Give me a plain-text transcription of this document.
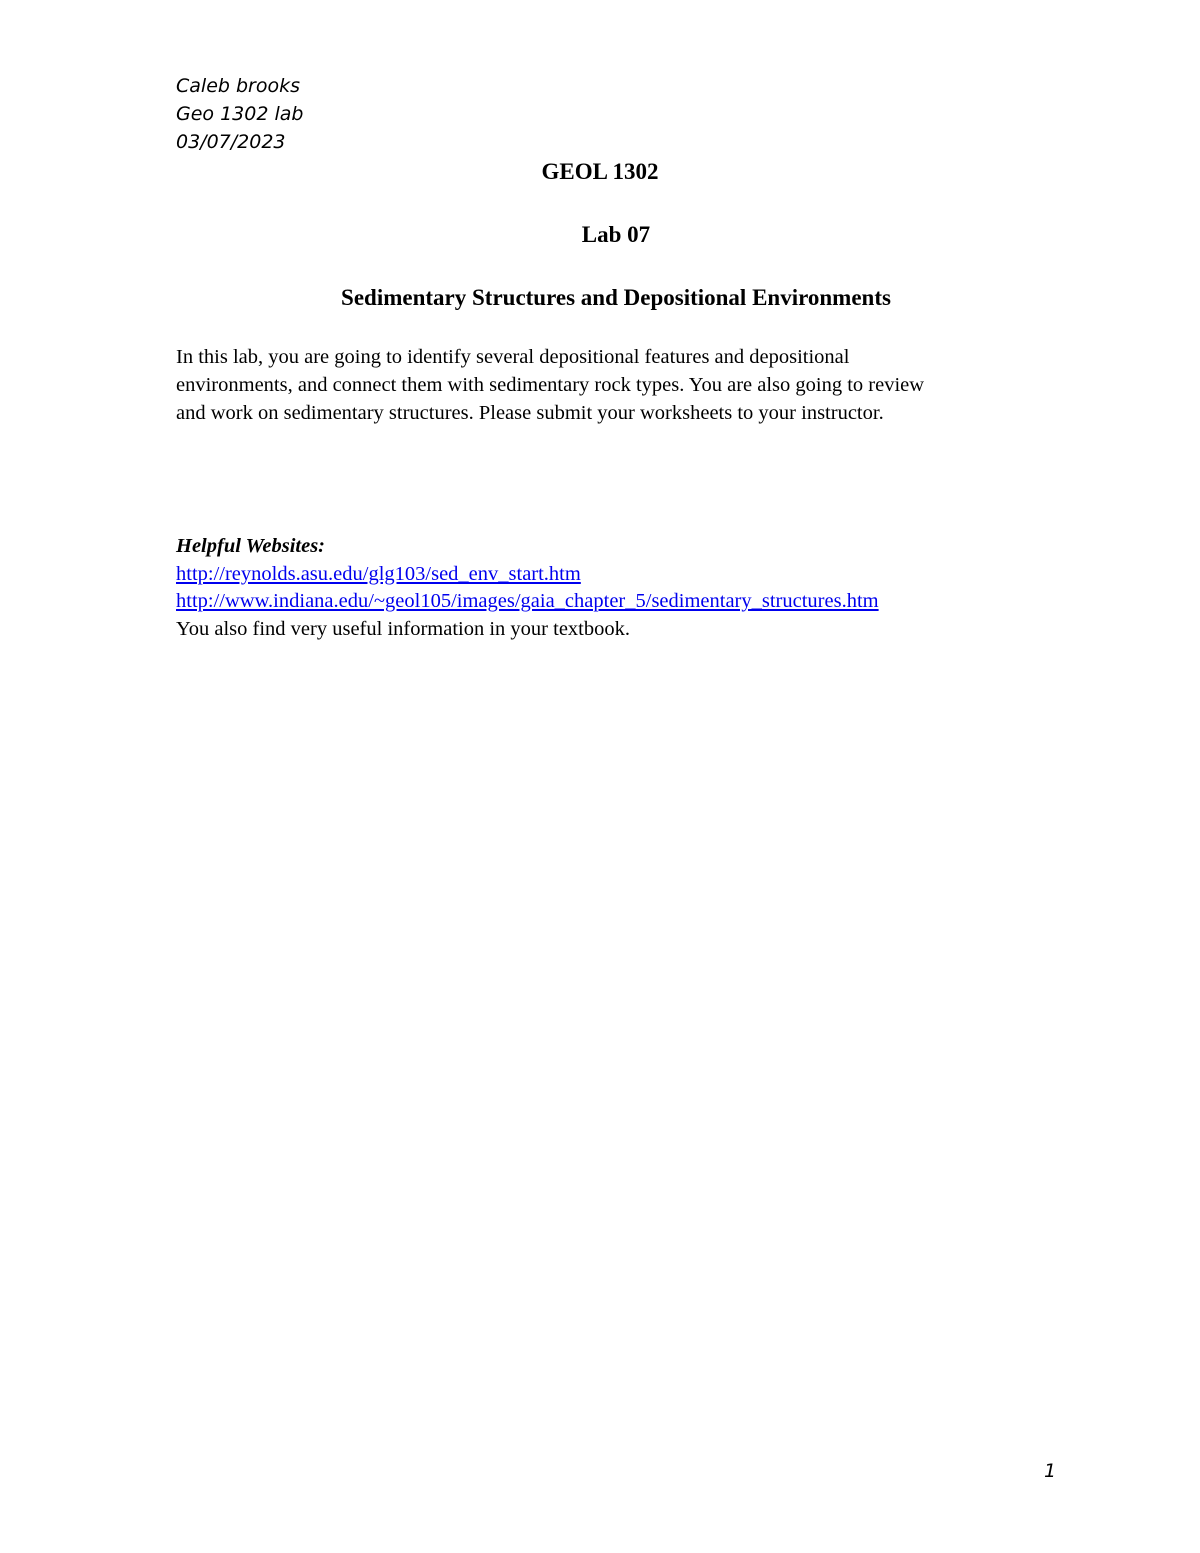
Caleb brooks
Geo 1302 lab
03/07/2023
GEOL 1302
Lab 07
Sedimentary Structures and Depositional Environments

In this lab, you are going to identify several depositional features and depositional
environments, and connect them with sedimentary rock types. You are also going to review
and work on sedimentary structures. Please submit your worksheets to your instructor.

Helpful Websites:
http://reynolds.asu.edu/glg103/sed_env_start.htm
http://www.indiana.edu/~geol105/images/gaia_chapter_5/sedimentary_structures.htm
You also find very useful information in your textbook.
1
